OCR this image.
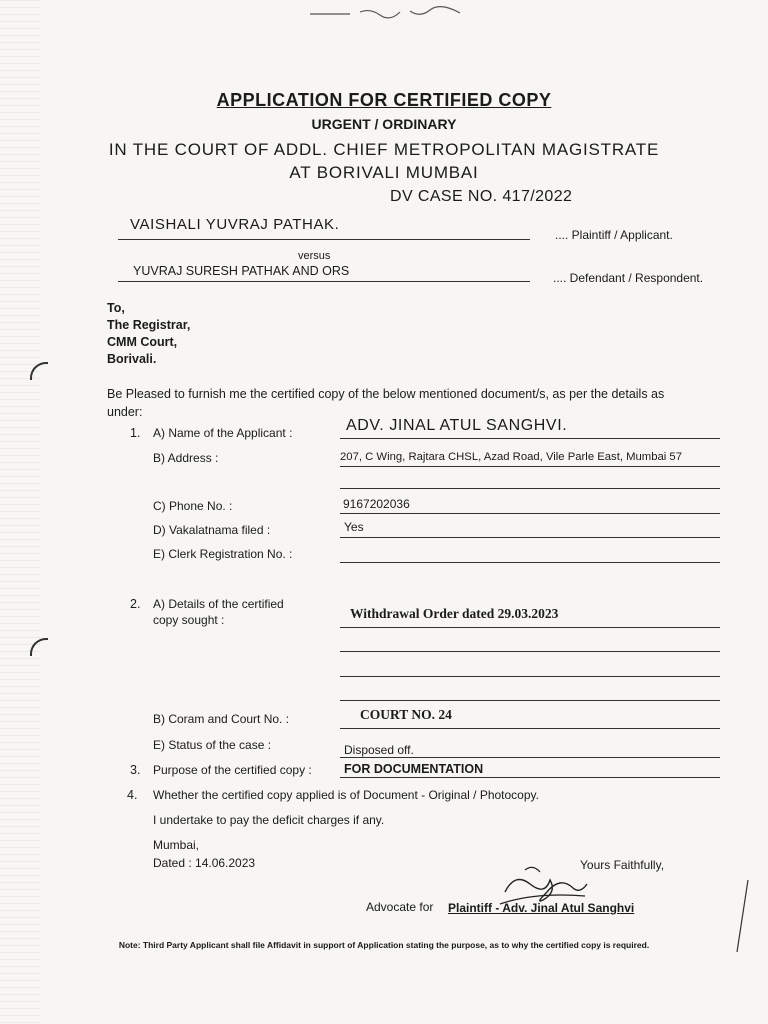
APPLICATION FOR CERTIFIED COPY
URGENT / ORDINARY
IN THE COURT OF ADDL. CHIEF METROPOLITAN MAGISTRATE
AT BORIVALI MUMBAI
DV CASE NO. 417/2022
VAISHALI YUVRAJ PATHAK.
.... Plaintiff / Applicant.
versus
YUVRAJ SURESH PATHAK AND ORS	.... Defendant / Respondent.
To,
The Registrar,
CMM Court,
Borivali.
Be Pleased to furnish me the certified copy of the below mentioned document/s, as per the details as
under:
1. A) Name of the Applicant :	ADV. JINAL ATUL SANGHVI.
B) Address :	207, C Wing, Rajtara CHSL, Azad Road, Vile Parle East, Mumbai 57
C) Phone No. :	9167202036
D) Vakalatnama filed :	Yes
E) Clerk Registration No. :
2. A) Details of the certified
copy sought :	Withdrawal Order dated 29.03.2023
B) Coram and Court No. :	COURT NO. 24
E) Status of the case :	Disposed off.
3. Purpose of the certified copy :	FOR DOCUMENTATION
4. Whether the certified copy applied is of Document - Original / Photocopy.
I undertake to pay the deficit charges if any.
Mumbai,
Dated : 14.06.2023	Yours Faithfully,
Advocate for Plaintiff - Adv. Jinal Atul Sanghvi
Note: Third Party Applicant shall file Affidavit in support of Application stating the purpose, as to why the certified copy is required.
